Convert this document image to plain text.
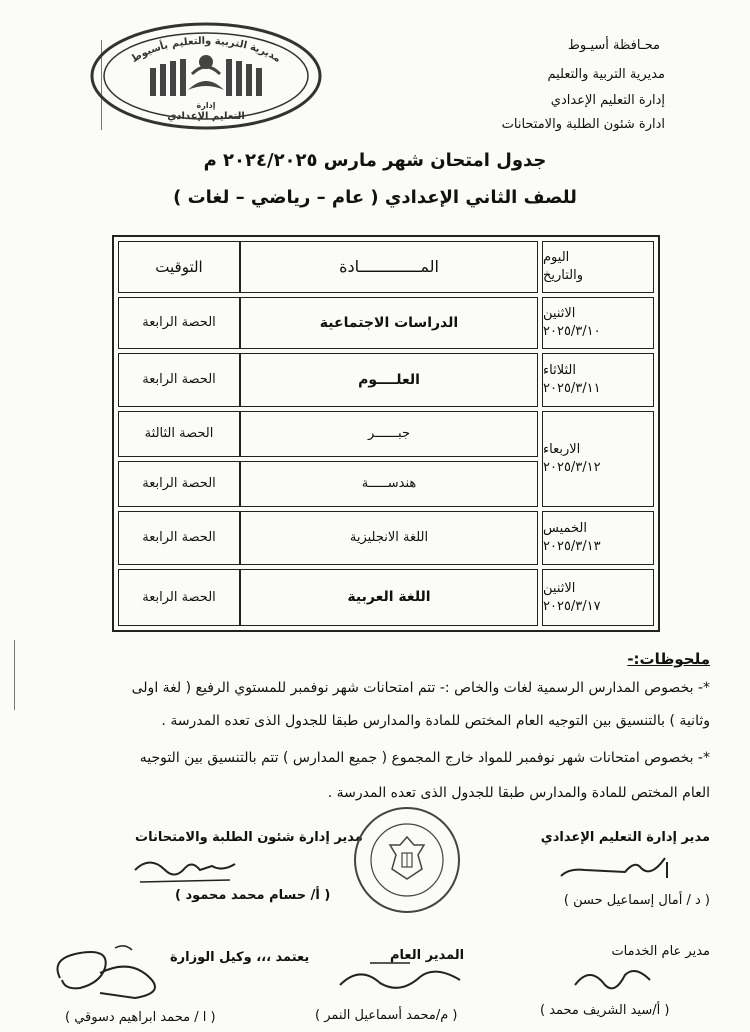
مديرية التربية والتعليم بأسيوط
إدارة
التعليم الإعدادي
محـافظة أسيـوط
مديرية التربية والتعليم
إدارة التعليم الإعدادي
ادارة شئون الطلبة والامتحانات
جدول امتحان شهر مارس ٢٠٢٤/٢٠٢٥ م
للصف الثاني الإعدادي ( عام – رياضي – لغات )
اليوم
والتاريخ
المـــــــــــــادة
التوقيت
الاثنين
٢٠٢٥/٣/١٠
الدراسات الاجتماعية
الحصة الرابعة
الثلاثاء
٢٠٢٥/٣/١١
العلــــوم
الحصة الرابعة
الاربعاء
٢٠٢٥/٣/١٢
جبــــــر
الحصة الثالثة
هندســـــة
الحصة الرابعة
الخميس
٢٠٢٥/٣/١٣
اللغة الانجليزية
الحصة الرابعة
الاثنين
٢٠٢٥/٣/١٧
اللغة العربية
الحصة الرابعة
ملحوظات:-
*- بخصوص المدارس الرسمية لغات والخاص :- تتم امتحانات شهر نوفمبر للمستوي الرفيع ( لغة اولى
وثانية ) بالتنسيق بين التوجيه العام المختص للمادة والمدارس طبقا للجدول الذى تعده المدرسة .
*- بخصوص امتحانات شهر نوفمبر للمواد خارج المجموع ( جميع المدارس ) تتم بالتنسيق بين التوجيه
العام المختص للمادة والمدارس طبقا للجدول الذى تعده المدرسة .
مدير إدارة التعليم الإعدادي
مدير إدارة شئون الطلبة والامتحانات
( أ/ حسام محمد محمود )	( د / أمال إسماعيل حسن )
مدير عام الخدمات
المدير العام
يعتمد ،،، وكيل الوزارة
( أ/سيد الشريف محمد )
( م/محمد أسماعيل النمر )
( ا / محمد ابراهيم دسوقي )
